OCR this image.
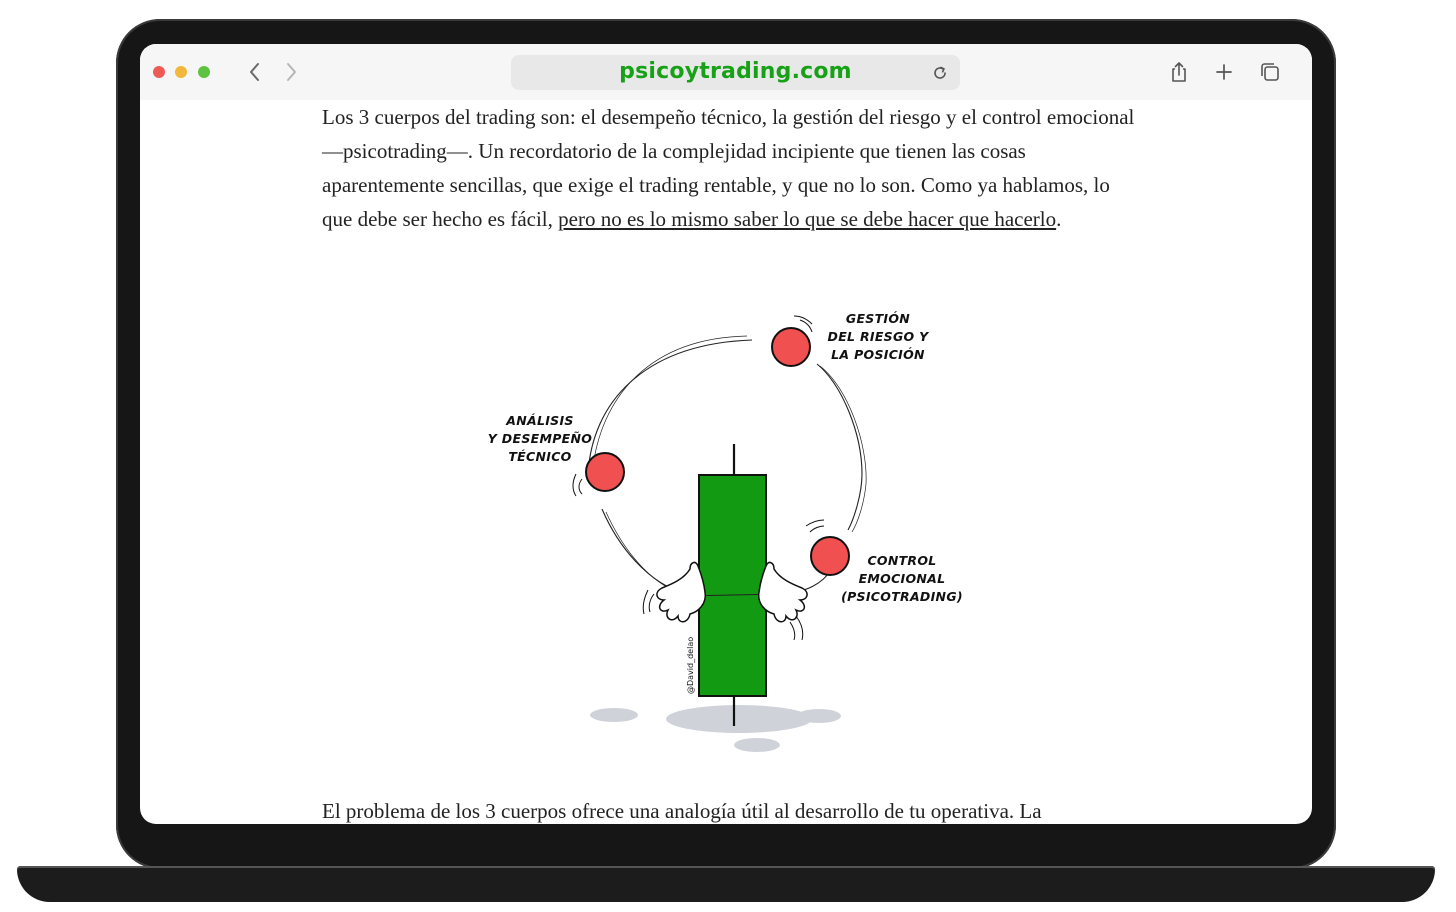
psicoytrading.com

Los 3 cuerpos del trading son: el desempeño técnico, la gestión del riesgo y el control emocional —psicotrading—. Un recordatorio de la complejidad incipiente que tienen las cosas aparentemente sencillas, que exige el trading rentable, y que no lo son. Como ya hablamos, lo que debe ser hecho es fácil, pero no es lo mismo saber lo que se debe hacer que hacerlo.

El problema de los 3 cuerpos ofrece una analogía útil al desarrollo de tu operativa. La

GESTIÓN
DEL RIESGO Y
LA POSICIÓN
ANÁLISIS
Y DESEMPEÑO
TÉCNICO
CONTROL
EMOCIONAL
(PSICOTRADING)
@David_delao
